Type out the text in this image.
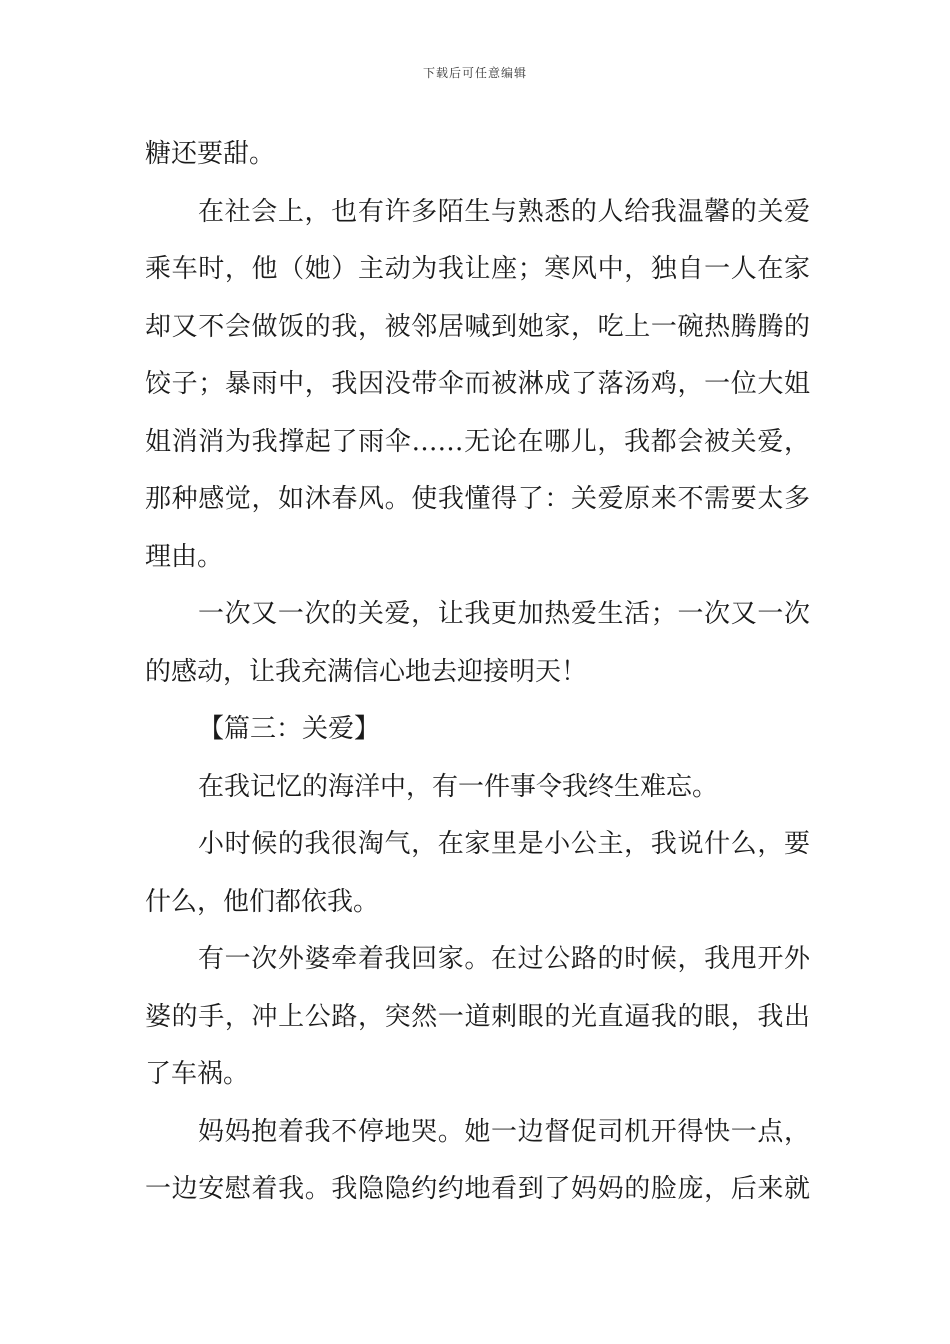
下载后可任意编辑
糖还要甜。
在社会上，也有许多陌生与熟悉的人给我温馨的关爱
乘车时，他（她）主动为我让座；寒风中，独自一人在家
却又不会做饭的我，被邻居喊到她家，吃上一碗热腾腾的
饺子；暴雨中，我因没带伞而被淋成了落汤鸡，一位大姐
姐消消为我撑起了雨伞……无论在哪儿，我都会被关爱，
那种感觉，如沐春风。使我懂得了：关爱原来不需要太多
理由。
一次又一次的关爱，让我更加热爱生活；一次又一次
的感动，让我充满信心地去迎接明天！
【篇三：关爱】
在我记忆的海洋中，有一件事令我终生难忘。
小时候的我很淘气，在家里是小公主，我说什么，要
什么，他们都依我。
有一次外婆牵着我回家。在过公路的时候，我甩开外
婆的手，冲上公路，突然一道刺眼的光直逼我的眼，我出
了车祸。
妈妈抱着我不停地哭。她一边督促司机开得快一点，
一边安慰着我。我隐隐约约地看到了妈妈的脸庞，后来就
